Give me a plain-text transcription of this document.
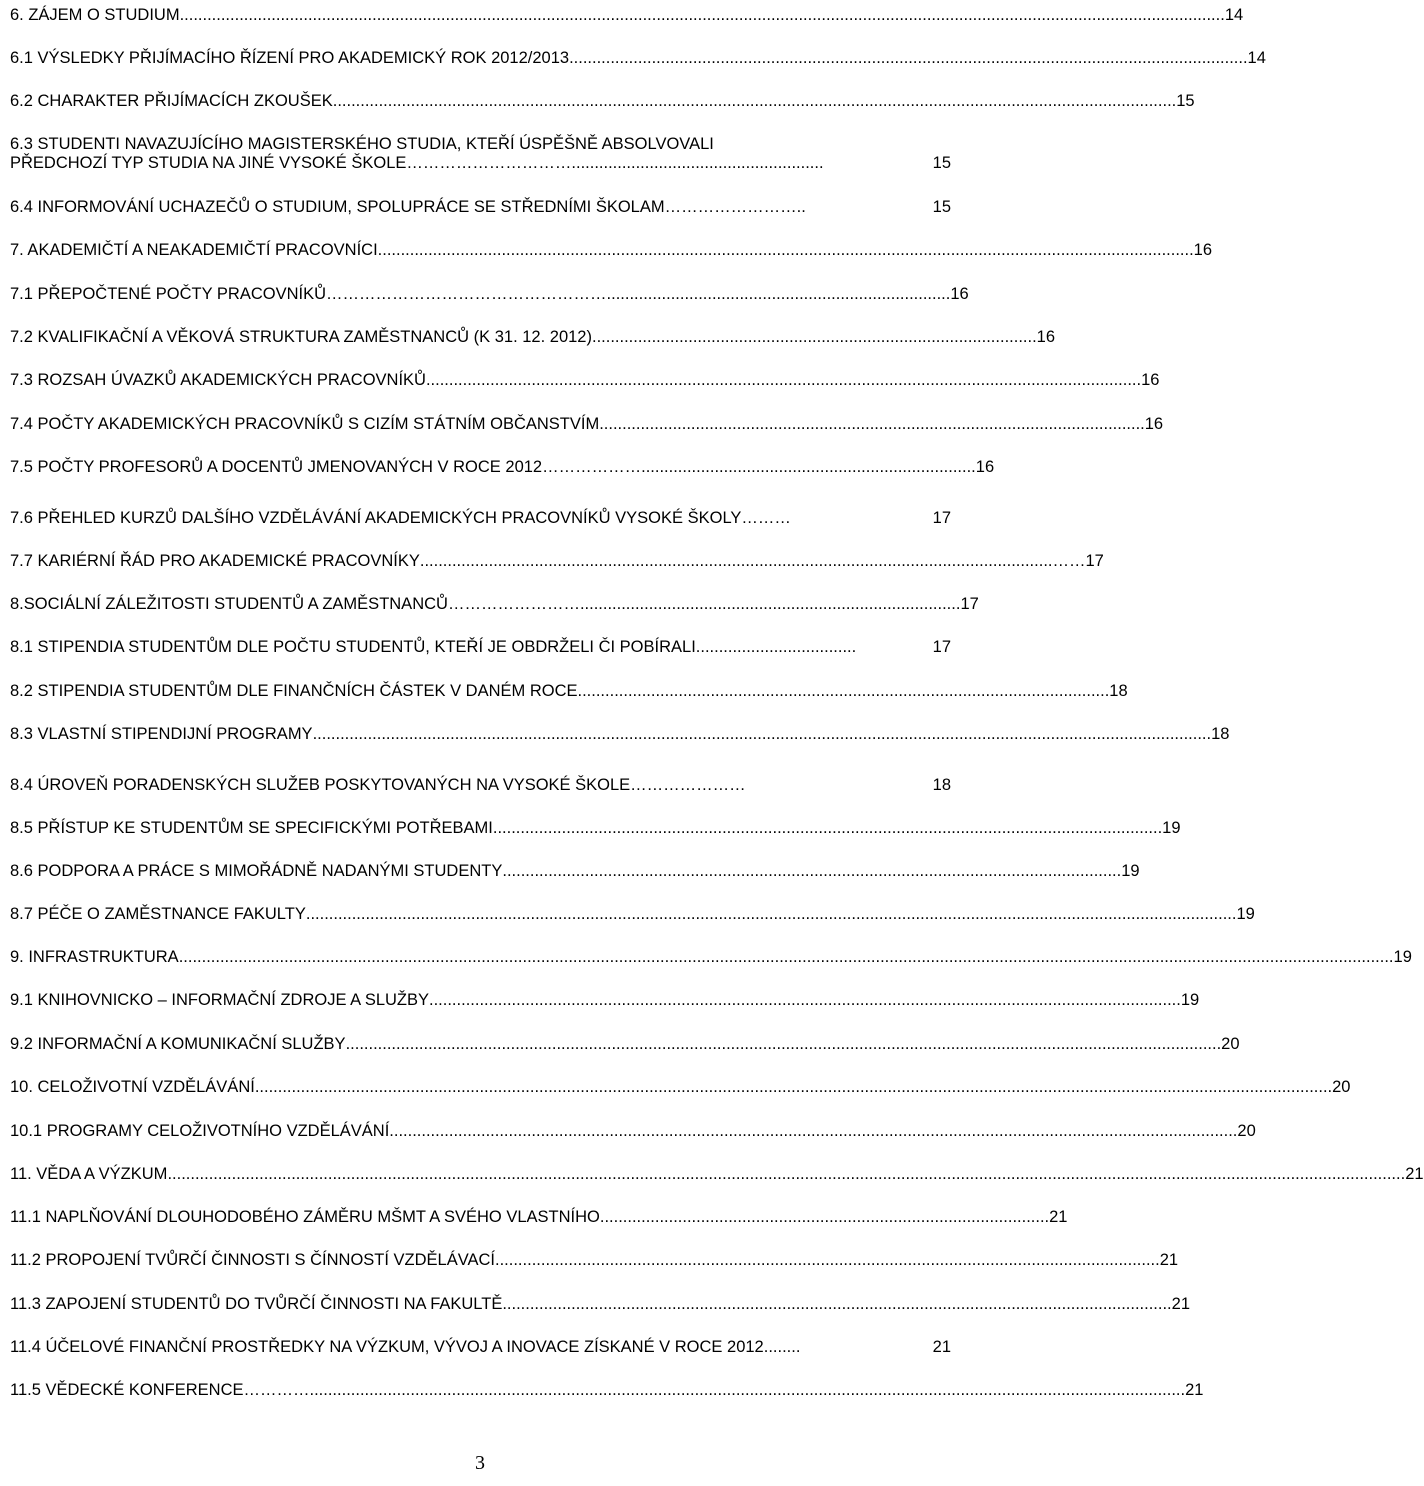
6. ZÁJEM O STUDIUM .................................................................................................................................................................................................................................... 14
6.1 VÝSLEDKY PŘIJÍMACÍHO ŘÍZENÍ PRO AKADEMICKÝ ROK 2012/2013 .................................................................................................................................................... 14
6.2 CHARAKTER PŘIJÍMACÍCH ZKOUŠEK ........................................................................................................................................................................................ 15
6.3 STUDENTI NAVAZUJÍCÍHO MAGISTERSKÉHO STUDIA, KTEŘÍ ÚSPĚŠNĚ ABSOLVOVALI
PŘEDCHOZÍ TYP STUDIA NA JINÉ VYSOKÉ ŠKOLE ………………………….......................................................	15
6.4 INFORMOVÁNÍ UCHAZEČŮ O STUDIUM, SPOLUPRÁCE SE STŘEDNÍMI ŠKOLAM ……………………..	15
7. AKADEMIČTÍ A NEAKADEMIČTÍ PRACOVNÍCI .................................................................................................................................................................................. 16
7.1 PŘEPOČTENÉ POČTY PRACOVNÍKŮ ……………………………………………........................................................................... 16
7.2 KVALIFIKAČNÍ A VĚKOVÁ STRUKTURA ZAMĚSTNANCŮ (K 31. 12. 2012) ................................................................................................. 16
7.3 ROZSAH ÚVAZKŮ AKADEMICKÝCH PRACOVNÍKŮ ............................................................................................................................................................ 16
7.4 POČTY AKADEMICKÝCH PRACOVNÍKŮ S CIZÍM STÁTNÍM OBČANSTVÍM ....................................................................................................................... 16
7.5 POČTY PROFESORŮ A DOCENTŮ JMENOVANÝCH V ROCE 2012 ………………......................................................................... 16
7.6 PŘEHLED KURZŮ DALŠÍHO VZDĚLÁVÁNÍ AKADEMICKÝCH PRACOVNÍKŮ VYSOKÉ ŠKOLY ………	17
7.7 KARIÉRNÍ ŘÁD PRO AKADEMICKÉ PRACOVNÍKY ..........................................................................................................................................…… 17
8.SOCIÁLNÍ ZÁLEŽITOSTI STUDENTŮ A ZAMĚSTNANCŮ ……………………................................................................................... 17
8.1 STIPENDIA STUDENTŮM DLE POČTU STUDENTŮ, KTEŘÍ JE OBDRŽELI ČI POBÍRALI ...................................	17
8.2 STIPENDIA STUDENTŮM DLE FINANČNÍCH ČÁSTEK V DANÉM ROCE .................................................................................................................... 18
8.3 VLASTNÍ STIPENDIJNÍ PROGRAMY .................................................................................................................................................................................................... 18
8.4 ÚROVEŇ PORADENSKÝCH SLUŽEB POSKYTOVANÝCH NA VYSOKÉ ŠKOLE …………………	18
8.5 PŘÍSTUP KE STUDENTŮM SE SPECIFICKÝMI POTŘEBAMI ................................................................................................................................................ ..19
8.6 PODPORA A PRÁCE S MIMOŘÁDNĚ NADANÝMI STUDENTY ....................................................................................................................................... 19
8.7 PÉČE O ZAMĚSTNANCE FAKULTY ........................................................................................................................................................................................................... 19
9. INFRASTRUKTURA ......................................................................................................................................................................................................................................................................... 19
9.1 KNIHOVNICKO – INFORMAČNÍ ZDROJE A SLUŽBY .................................................................................................................................................................... 19
9.2 INFORMAČNÍ A KOMUNIKAČNÍ SLUŽBY ............................................................................................................................................................................................... 20
10. CELOŽIVOTNÍ VZDĚLÁVÁNÍ ........................................................................................................................................................................................................................................... 20
10.1 PROGRAMY CELOŽIVOTNÍHO VZDĚLÁVÁNÍ ......................................................................................................................................................................................... 20
11. VĚDA A VÝZKUM .............................................................................................................................................................................................................................................................................. 21
11.1 NAPLŇOVÁNÍ DLOUHODOBÉHO ZÁMĚRU MŠMT A SVÉHO VLASTNÍHO .................................................................................................. 21
11.2 PROPOJENÍ TVŮRČÍ ČINNOSTI S ČÍNNOSTÍ VZDĚLÁVACÍ ................................................................................................................................................. 21
11.3 ZAPOJENÍ STUDENTŮ DO TVŮRČÍ ČINNOSTI NA FAKULTĚ .................................................................................................................................................. 21
11.4 ÚČELOVÉ FINANČNÍ PROSTŘEDKY NA VÝZKUM, VÝVOJ A INOVACE ZÍSKANÉ V ROCE 2012 ........	21
11.5 VĚDECKÉ KONFERENCE …………............................................................................................................................................................................................... 21
3
